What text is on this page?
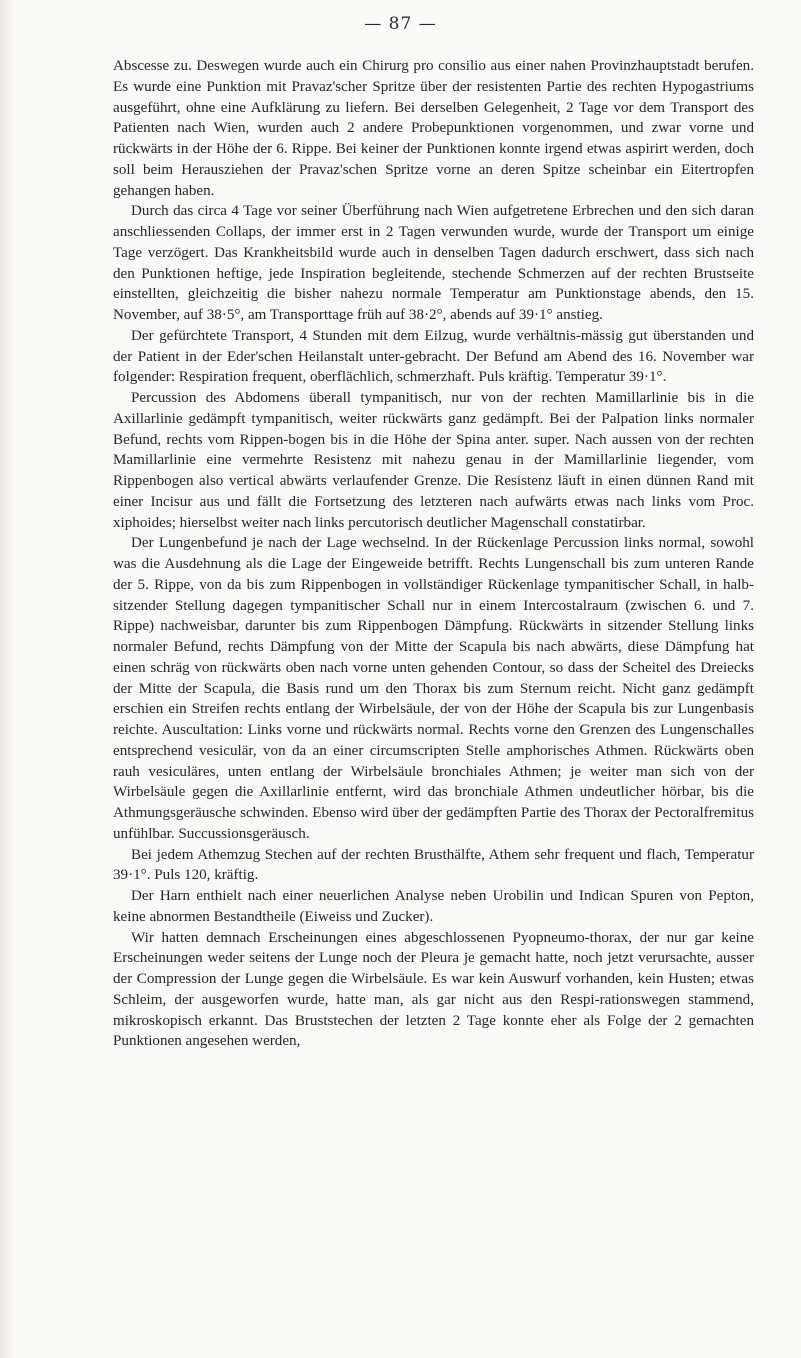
— 87 —

Abscesse zu. Deswegen wurde auch ein Chirurg pro consilio aus einer nahen Provinzhauptstadt berufen. Es wurde eine Punktion mit Pravaz'scher Spritze über der resistenten Partie des rechten Hypogastriums ausgeführt, ohne eine Aufklärung zu liefern. Bei derselben Gelegenheit, 2 Tage vor dem Transport des Patienten nach Wien, wurden auch 2 andere Probepunktionen vorgenommen, und zwar vorne und rückwärts in der Höhe der 6. Rippe. Bei keiner der Punktionen konnte irgend etwas aspirirt werden, doch soll beim Herausziehen der Pravaz'schen Spritze vorne an deren Spitze scheinbar ein Eitertropfen gehangen haben.

Durch das circa 4 Tage vor seiner Überführung nach Wien aufgetretene Erbrechen und den sich daran anschliessenden Collaps, der immer erst in 2 Tagen verwunden wurde, wurde der Transport um einige Tage verzögert. Das Krankheitsbild wurde auch in denselben Tagen dadurch erschwert, dass sich nach den Punktionen heftige, jede Inspiration begleitende, stechende Schmerzen auf der rechten Brustseite einstellten, gleichzeitig die bisher nahezu normale Temperatur am Punktionstage abends, den 15. November, auf 38·5°, am Transporttage früh auf 38·2°, abends auf 39·1° anstieg.

Der gefürchtete Transport, 4 Stunden mit dem Eilzug, wurde verhältnis-mässig gut überstanden und der Patient in der Eder'schen Heilanstalt unter-gebracht. Der Befund am Abend des 16. November war folgender: Respiration frequent, oberflächlich, schmerzhaft. Puls kräftig. Temperatur 39·1°.

Percussion des Abdomens überall tympanitisch, nur von der rechten Mamillarlinie bis in die Axillarlinie gedämpft tympanitisch, weiter rückwärts ganz gedämpft. Bei der Palpation links normaler Befund, rechts vom Rippen-bogen bis in die Höhe der Spina anter. super. Nach aussen von der rechten Mamillarlinie eine vermehrte Resistenz mit nahezu genau in der Mamillarlinie liegender, vom Rippenbogen also vertical abwärts verlaufender Grenze. Die Resistenz läuft in einen dünnen Rand mit einer Incisur aus und fällt die Fortsetzung des letzteren nach aufwärts etwas nach links vom Proc. xiphoides; hierselbst weiter nach links percutorisch deutlicher Magenschall constatirbar.

Der Lungenbefund je nach der Lage wechselnd. In der Rückenlage Percussion links normal, sowohl was die Ausdehnung als die Lage der Eingeweide betrifft. Rechts Lungenschall bis zum unteren Rande der 5. Rippe, von da bis zum Rippenbogen in vollständiger Rückenlage tympanitischer Schall, in halb-sitzender Stellung dagegen tympanitischer Schall nur in einem Intercostalraum (zwischen 6. und 7. Rippe) nachweisbar, darunter bis zum Rippenbogen Dämpfung. Rückwärts in sitzender Stellung links normaler Befund, rechts Dämpfung von der Mitte der Scapula bis nach abwärts, diese Dämpfung hat einen schräg von rückwärts oben nach vorne unten gehenden Contour, so dass der Scheitel des Dreiecks der Mitte der Scapula, die Basis rund um den Thorax bis zum Sternum reicht. Nicht ganz gedämpft erschien ein Streifen rechts entlang der Wirbelsäule, der von der Höhe der Scapula bis zur Lungenbasis reichte. Auscultation: Links vorne und rückwärts normal. Rechts vorne den Grenzen des Lungenschalles entsprechend vesiculär, von da an einer circumscripten Stelle amphorisches Athmen. Rückwärts oben rauh vesiculäres, unten entlang der Wirbelsäule bronchiales Athmen; je weiter man sich von der Wirbelsäule gegen die Axillarlinie entfernt, wird das bronchiale Athmen undeutlicher hörbar, bis die Athmungsgeräusche schwinden. Ebenso wird über der gedämpften Partie des Thorax der Pectoralfremitus unfühlbar. Succussionsgeräusch.

Bei jedem Athemzug Stechen auf der rechten Brusthälfte, Athem sehr frequent und flach, Temperatur 39·1°. Puls 120, kräftig.

Der Harn enthielt nach einer neuerlichen Analyse neben Urobilin und Indican Spuren von Pepton, keine abnormen Bestandtheile (Eiweiss und Zucker).

Wir hatten demnach Erscheinungen eines abgeschlossenen Pyopneumo-thorax, der nur gar keine Erscheinungen weder seitens der Lunge noch der Pleura je gemacht hatte, noch jetzt verursachte, ausser der Compression der Lunge gegen die Wirbelsäule. Es war kein Auswurf vorhanden, kein Husten; etwas Schleim, der ausgeworfen wurde, hatte man, als gar nicht aus den Respi-rationswegen stammend, mikroskopisch erkannt. Das Bruststechen der letzten 2 Tage konnte eher als Folge der 2 gemachten Punktionen angesehen werden,
